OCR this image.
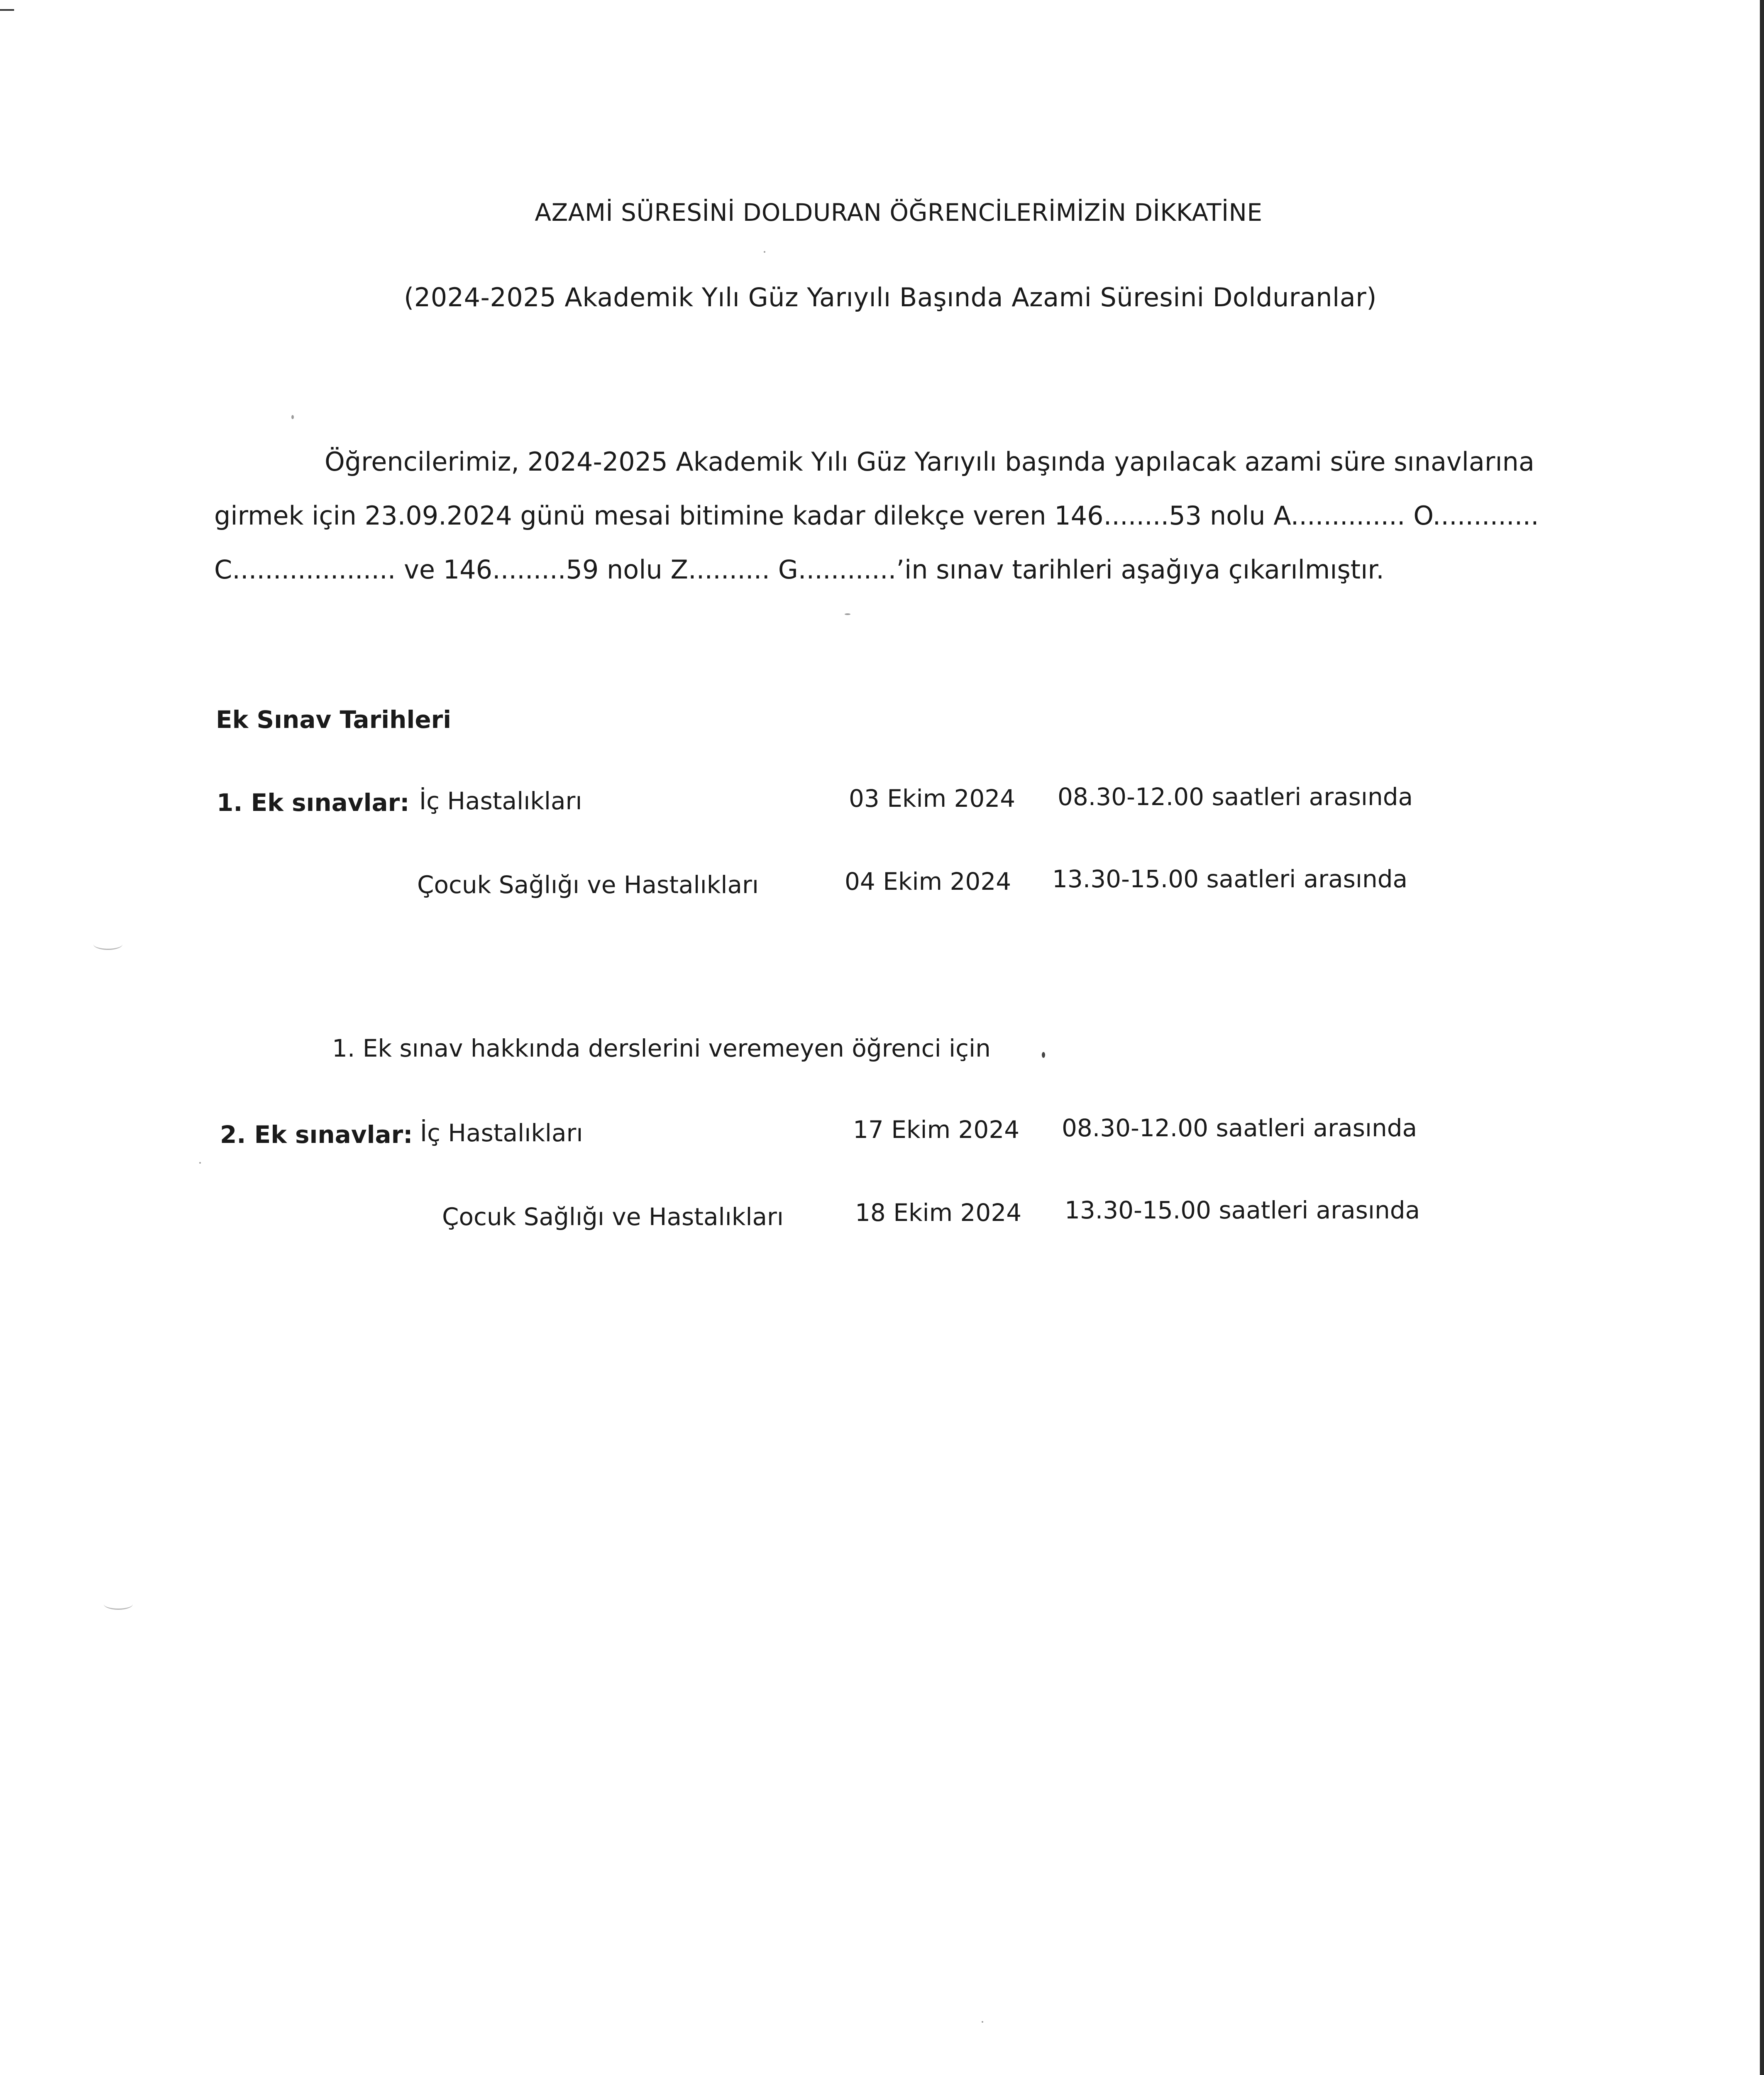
AZAMİ SÜRESİNİ DOLDURAN ÖĞRENCİLERİMİZİN DİKKATİNE
(2024-2025 Akademik Yılı Güz Yarıyılı Başında Azami Süresini Dolduranlar)
Öğrencilerimiz, 2024-2025 Akademik Yılı Güz Yarıyılı başında yapılacak azami süre sınavlarına
girmek için 23.09.2024 günü mesai bitimine kadar dilekçe veren 146........53 nolu A.............. O.............
C.................... ve 146.........59 nolu Z.......... G............’in sınav tarihleri aşağıya çıkarılmıştır.
Ek Sınav Tarihleri
1. Ek sınavlar: İç Hastalıkları	03 Ekim 2024 08.30-12.00 saatleri arasında
Çocuk Sağlığı ve Hastalıkları	04 Ekim 2024 13.30-15.00 saatleri arasında
1. Ek sınav hakkında derslerini veremeyen öğrenci için
2. Ek sınavlar: İç Hastalıkları	17 Ekim 2024 08.30-12.00 saatleri arasında
Çocuk Sağlığı ve Hastalıkları	18 Ekim 2024 13.30-15.00 saatleri arasında
